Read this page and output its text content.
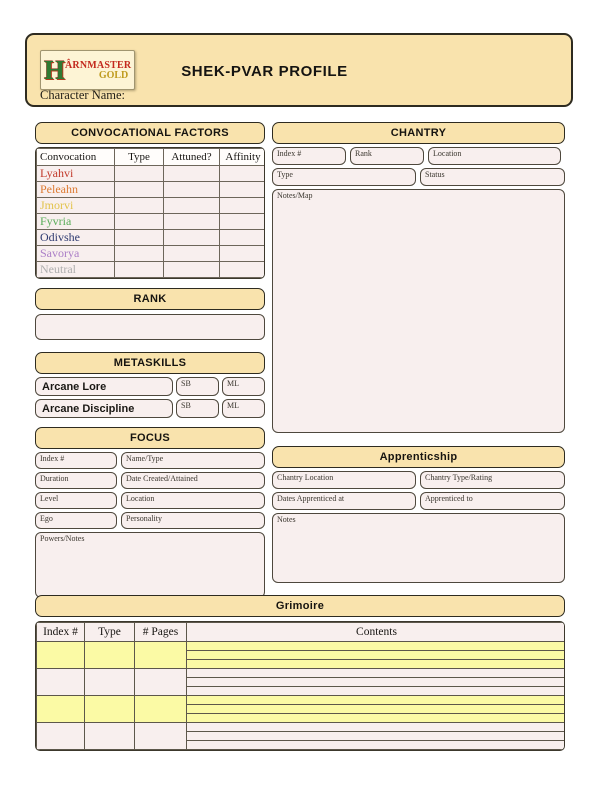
H ÂRNMASTER
GOLD	SHEK-PVAR PROFILE
Character Name:
CONVOCATIONAL FACTORS
Convocation	Type	Attuned?	Affinity
Lyahvi			
Peleahn			
Jmorvi			
Fyvria			
Odivshe			
Savorya			
Neutral			
RANK
METASKILLS
Arcane Lore	SB	ML
Arcane Discipline	SB	ML
FOCUS
Index #	Name/Type
Duration	Date Created/Attained
Level	Location
Ego	Personality
Powers/Notes
CHANTRY
Index #	Rank	Location
Type	Status
Notes/Map
Apprenticship
Chantry Location	Chantry Type/Rating
Dates Apprenticed at	Apprenticed to
Notes
Grimoire
Index #	Type	# Pages	Contents
